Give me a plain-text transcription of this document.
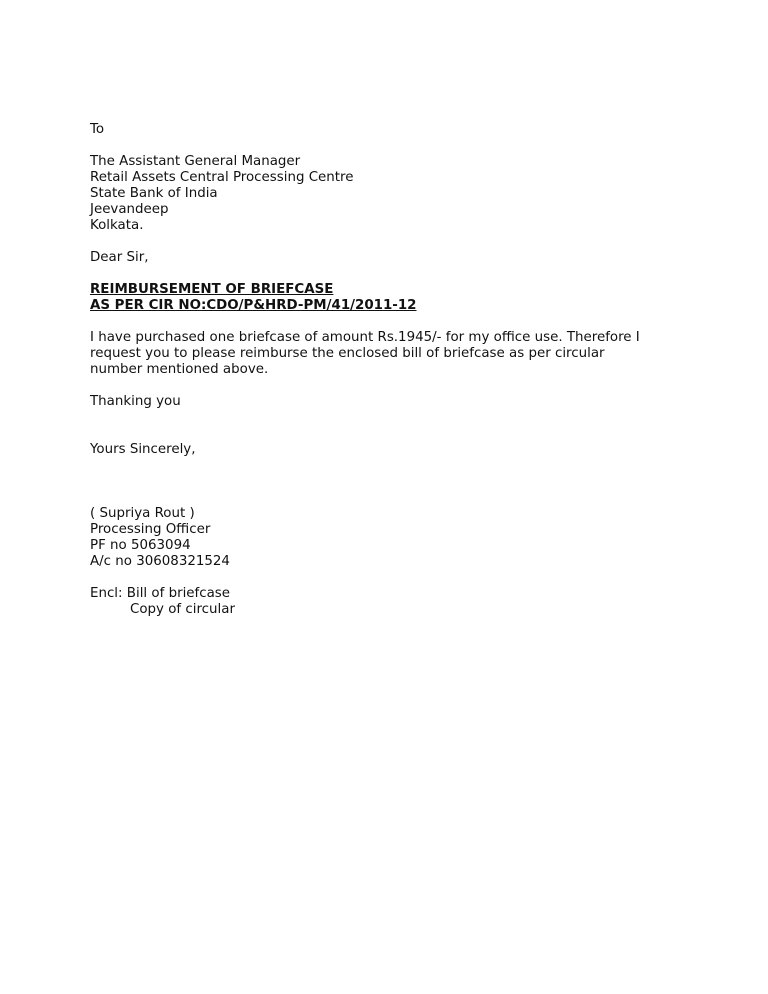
To
The Assistant General Manager
Retail Assets Central Processing Centre
State Bank of India
Jeevandeep
Kolkata.
Dear Sir,
REIMBURSEMENT OF BRIEFCASE
AS PER CIR NO:CDO/P&HRD-PM/41/2011-12
I have purchased one briefcase of amount Rs.1945/- for my office use. Therefore I
request you to please reimburse the enclosed bill of briefcase as per circular
number mentioned above.
Thanking you
Yours Sincerely,
( Supriya Rout )
Processing Officer
PF no 5063094
A/c no 30608321524
Encl: Bill of briefcase
Copy of circular
